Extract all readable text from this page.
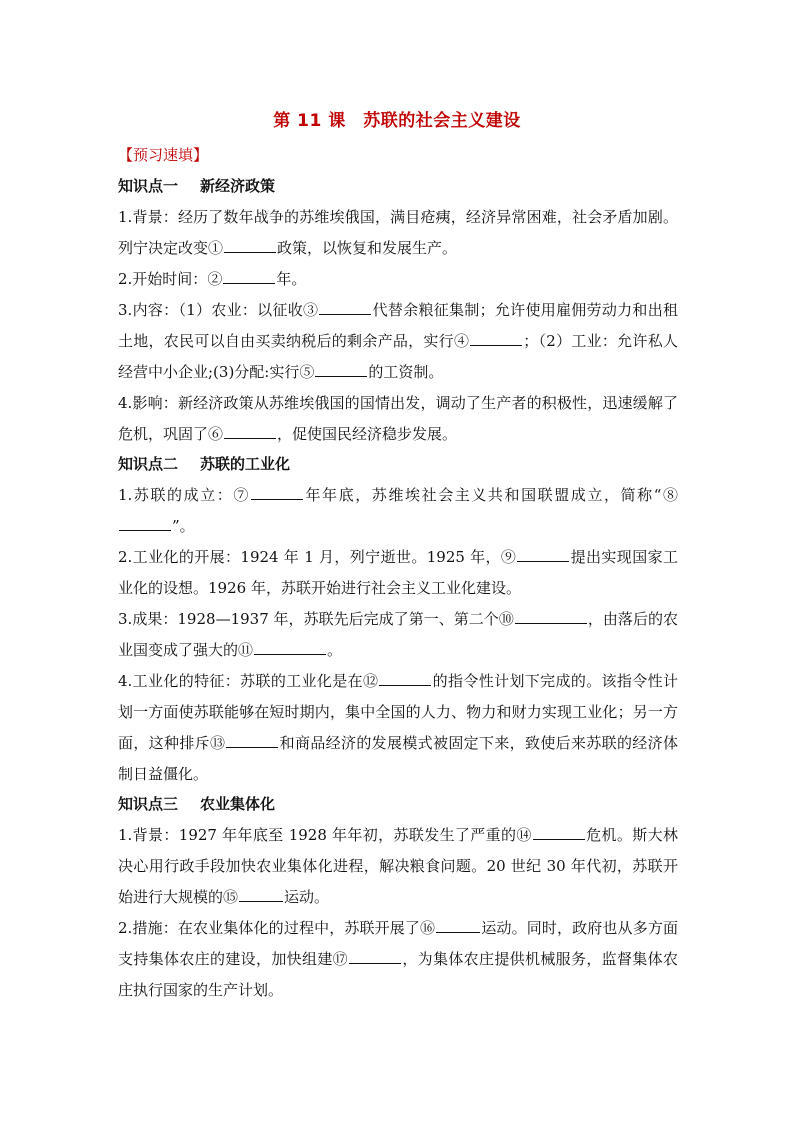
第 11 课　苏联的社会主义建设
【预习速填】
知识点一 新经济政策

1.背景：经历了数年战争的苏维埃俄国，满目疮痍，经济异常困难，社会矛盾加剧。列宁决定改变①	政策，以恢复和发展生产。

2.开始时间：②	年。

3.内容：（1）农业：以征收③	代替余粮征集制；允许使用雇佣劳动力和出租土地，农民可以自由买卖纳税后的剩余产品，实行④	；（2）工业：允许私人经营中小企业;(3)分配:实行⑤	的工资制。

4.影响：新经济政策从苏维埃俄国的国情出发，调动了生产者的积极性，迅速缓解了危机，巩固了⑥	，促使国民经济稳步发展。

知识点二 苏联的工业化

1.苏联的成立：⑦	年年底，苏维埃社会主义共和国联盟成立，简称“⑧”。

2.工业化的开展：1924 年 1 月，列宁逝世。1925 年，⑨	提出实现国家工业化的设想。1926 年，苏联开始进行社会主义工业化建设。

3.成果：1928—1937 年，苏联先后完成了第一、第二个⑩	，由落后的农业国变成了强大的⑪	。

4.工业化的特征：苏联的工业化是在⑫	的指令性计划下完成的。该指令性计划一方面使苏联能够在短时期内，集中全国的人力、物力和财力实现工业化；另一方面，这种排斥⑬	和商品经济的发展模式被固定下来，致使后来苏联的经济体制日益僵化。

知识点三 农业集体化

1.背景：1927 年年底至 1928 年年初，苏联发生了严重的⑭	危机。斯大林决心用行政手段加快农业集体化进程，解决粮食问题。20 世纪 30 年代初，苏联开始进行大规模的⑮	运动。

2.措施：在农业集体化的过程中，苏联开展了⑯	运动。同时，政府也从多方面支持集体农庄的建设，加快组建⑰	，为集体农庄提供机械服务，监督集体农庄执行国家的生产计划。
